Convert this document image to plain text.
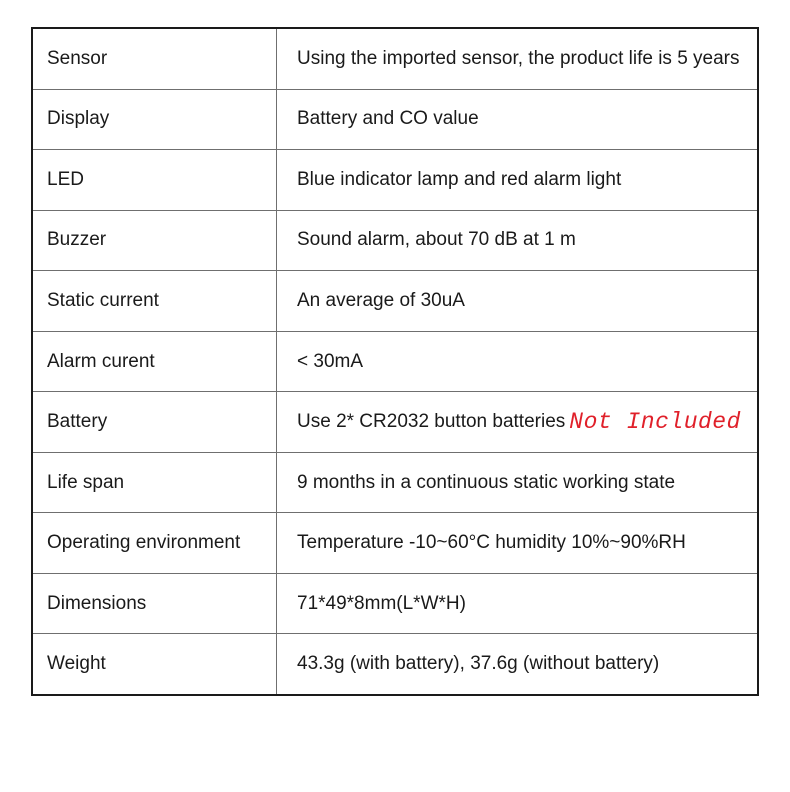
Sensor	Using the imported sensor, the product life is 5 years
Display	Battery and CO value
LED	Blue indicator lamp and red alarm light
Buzzer	Sound alarm, about 70 dB at 1 m
Static current	An average of 30uA
Alarm curent	< 30mA
Battery	Use 2* CR2032 button batteries Not Included
Life span	9 months in a continuous static working state
Operating environment	Temperature -10~60°C humidity 10%~90%RH
Dimensions	71*49*8mm(L*W*H)
Weight	43.3g (with battery), 37.6g (without battery)
